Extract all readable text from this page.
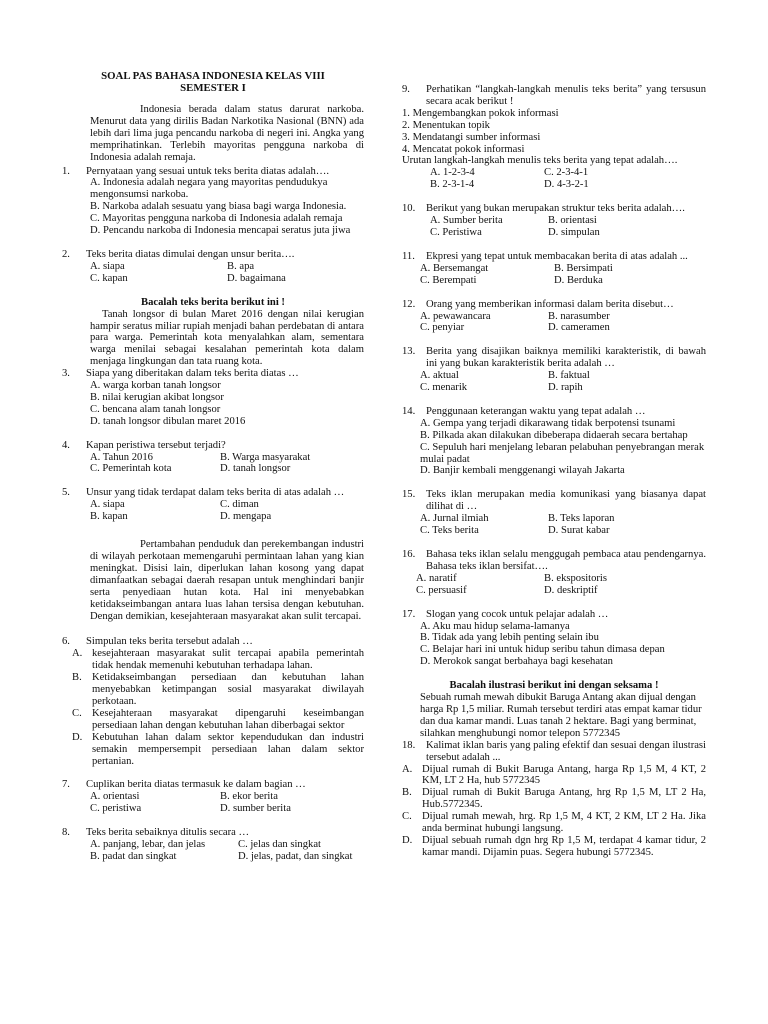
SOAL PAS BAHASA INDONESIA KELAS VIII
SEMESTER I
Indonesia berada dalam status darurat narkoba. Menurut data yang dirilis Badan Narkotika Nasional (BNN) ada lebih dari lima juga pencandu narkoba di negeri ini. Angka yang memprihatinkan. Terlebih mayoritas pengguna narkoba di Indonesia adalah remaja.
1. Pernyataan yang sesuai untuk teks berita diatas adalah….
A. Indonesia adalah negara yang mayoritas pendudukya mengonsumsi narkoba.
B. Narkoba adalah sesuatu yang biasa bagi warga Indonesia.
C. Mayoritas pengguna narkoba di Indonesia adalah remaja
D. Pencandu narkoba di Indonesia mencapai seratus juta jiwa
2. Teks berita diatas dimulai dengan unsur berita….
A. siapa	B. apa
C. kapan	D. bagaimana
Bacalah teks berita berikut ini !
Tanah longsor di bulan Maret 2016 dengan nilai kerugian hampir seratus miliar rupiah menjadi bahan perdebatan di antara para warga. Pemerintah kota menyalahkan alam, sementara warga menilai sebagai kesalahan pemerintah kota dalam menjaga lingkungan dan tata ruang kota.
3. Siapa yang diberitakan dalam teks berita diatas …
A. warga korban tanah longsor
B. nilai kerugian akibat longsor
C. bencana alam tanah longsor
D. tanah longsor dibulan maret 2016
4. Kapan peristiwa tersebut terjadi?
A. Tahun 2016	B. Warga masyarakat
C. Pemerintah kota	D. tanah longsor
5. Unsur yang tidak terdapat dalam teks berita di atas adalah …
A. siapa	C. diman
B. kapan	D. mengapa
Pertambahan penduduk dan perekembangan industri di wilayah perkotaan memengaruhi permintaan lahan yang kian meningkat. Disisi lain, diperlukan lahan kosong yang dapat dimanfaatkan sebagai daerah resapan untuk menghindari banjir serta penyediaan hutan kota. Hal ini menyebabkan ketidakseimbangan antara luas lahan tersisa dengan kebutuhan. Dengan demikian, kesejahteraan masyarakat akan sulit tercapai.
6. Simpulan teks berita tersebut adalah …
A. kesejahteraan masyarakat sulit tercapai apabila pemerintah tidak hendak memenuhi kebutuhan terhadapa lahan.
B. Ketidakseimbangan persediaan dan kebutuhan lahan menyebabkan ketimpangan sosial masyarakat diwilayah perkotaan.
C. Kesejahteraan masyarakat dipengaruhi keseimbangan persediaan lahan dengan kebutuhan lahan diberbagai sektor
D. Kebutuhan lahan dalam sektor kependudukan dan industri semakin mempersempit persediaan lahan dalam sektor pertanian.
7. Cuplikan berita diatas termasuk ke dalam bagian …
A. orientasi	B. ekor berita
C. peristiwa	D. sumber berita
8. Teks berita sebaiknya ditulis secara …
A. panjang, lebar, dan jelas	C. jelas dan singkat
B. padat dan singkat	D. jelas, padat, dan singkat
9. Perhatikan “langkah-langkah menulis teks berita” yang tersusun secara acak berikut !
1. Mengembangkan pokok informasi
2. Menentukan topik
3. Mendatangi sumber informasi
4. Mencatat pokok informasi
Urutan langkah-langkah menulis teks berita yang tepat adalah….
A. 1-2-3-4	C. 2-3-4-1
B. 2-3-1-4	D. 4-3-2-1
10. Berikut yang bukan merupakan struktur teks berita adalah….
A. Sumber berita	B. orientasi
C. Peristiwa	D. simpulan
11. Ekpresi yang tepat untuk membacakan berita di atas adalah ...
A. Bersemangat	B. Bersimpati
C. Berempati	D. Berduka
12. Orang yang memberikan informasi dalam berita disebut…
A. pewawancara	B. narasumber
C. penyiar	D. cameramen
13. Berita yang disajikan baiknya memiliki karakteristik, di bawah ini yang bukan karakteristik berita adalah …
A. aktual	B. faktual
C. menarik	D. rapih
14. Penggunaan keterangan waktu yang tepat adalah …
A. Gempa yang terjadi dikarawang tidak berpotensi tsunami
B. Pilkada akan dilakukan dibeberapa didaerah secara bertahap
C. Sepuluh hari menjelang lebaran pelabuhan penyebrangan merak mulai padat
D. Banjir kembali menggenangi wilayah Jakarta
15. Teks iklan merupakan media komunikasi yang biasanya dapat dilihat di …
A. Jurnal ilmiah	B. Teks laporan
C. Teks berita	D. Surat kabar
16. Bahasa teks iklan selalu menggugah pembaca atau pendengarnya. Bahasa teks iklan bersifat….
A. naratif	B. ekspositoris
C. persuasif	D. deskriptif
17. Slogan yang cocok untuk pelajar adalah …
A. Aku mau hidup selama-lamanya
B. Tidak ada yang lebih penting selain ibu
C. Belajar hari ini untuk hidup seribu tahun dimasa depan
D. Merokok sangat berbahaya bagi kesehatan
Bacalah ilustrasi berikut ini dengan seksama !
Sebuah rumah mewah dibukit Baruga Antang akan dijual dengan harga Rp 1,5 miliar. Rumah tersebut terdiri atas empat kamar tidur dan dua kamar mandi. Luas tanah 2 hektare. Bagi yang berminat, silahkan menghubungi nomor telepon 5772345
18. Kalimat iklan baris yang paling efektif dan sesuai dengan ilustrasi tersebut adalah ...
A. Dijual rumah di Bukit Baruga Antang, harga Rp 1,5 M, 4 KT, 2 KM, LT 2 Ha, hub 5772345
B. Dijual rumah di Bukit Baruga Antang, hrg Rp 1,5 M, LT 2 Ha, Hub.5772345.
C. Dijual rumah mewah, hrg. Rp 1,5 M, 4 KT, 2 KM, LT 2 Ha. Jika anda berminat hubungi langsung.
D. Dijual sebuah rumah dgn hrg Rp 1,5 M, terdapat 4 kamar tidur, 2 kamar mandi. Dijamin puas. Segera hubungi 5772345.
